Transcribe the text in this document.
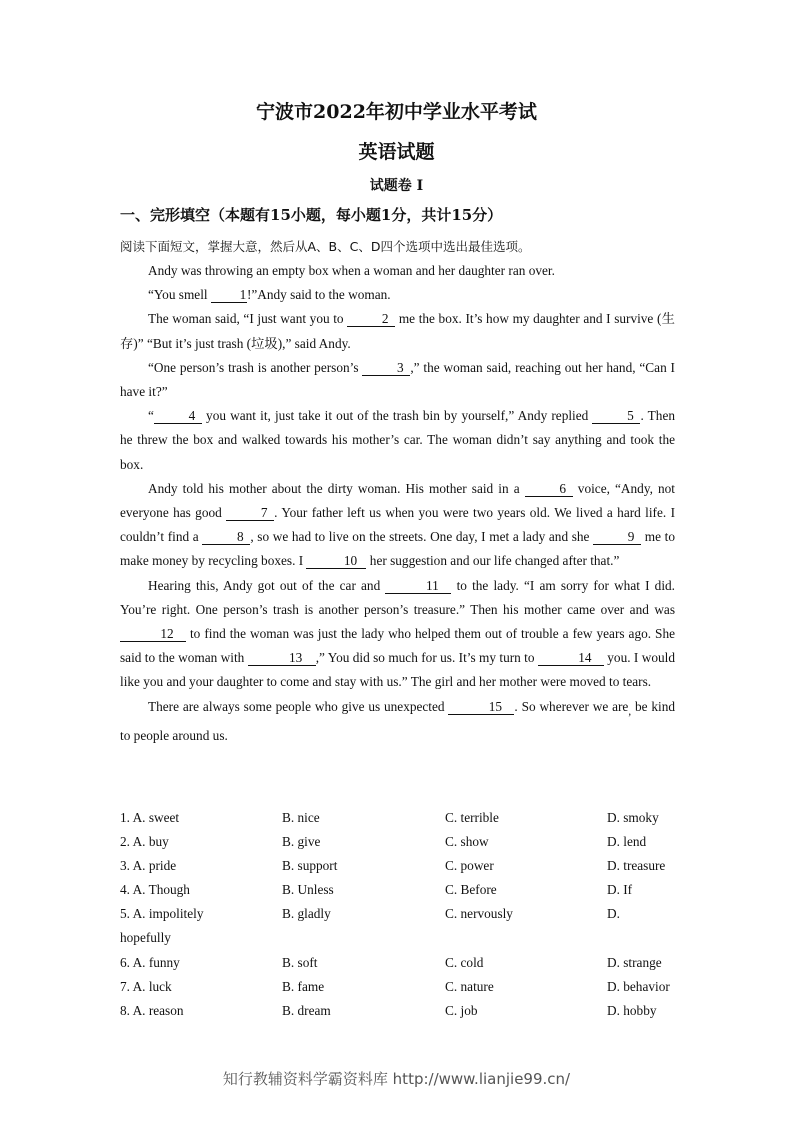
宁波市2022年初中学业水平考试
英语试题
试题卷 I
一、完形填空（本题有15小题，每小题1分，共计15分）
阅读下面短文，掌握大意，然后从A、B、C、D四个选项中选出最佳选项。

Andy was throwing an empty box when a woman and her daughter ran over.

“You smell 1!”Andy said to the woman.

The woman said, “I just want you to	2 me the box. It’s how my daughter and I survive (生存)” “But it’s just trash (垃圾),” said Andy.

“One person’s trash is another person’s	3 ,” the woman said, reaching out her hand, “Can I have it?”

“	4 you want it, just take it out of the trash bin by yourself,” Andy replied	5 . Then he threw the box and walked towards his mother’s car. The woman didn’t say anything and took the box.

Andy told his mother about the dirty woman. His mother said in a	6 voice, “Andy, not everyone has good	7 . Your father left us when you were two years old. We lived a hard life. I couldn’t find a	8 , so we had to live on the streets. One day, I met a lady and she	9 me to make money by recycling boxes. I	10 her suggestion and our life changed after that.”

Hearing this, Andy got out of the car and	11 to the lady. “I am sorry for what I did. You’re right. One person’s trash is another person’s treasure.” Then his mother came over and was 12 to find the woman was just the lady who helped them out of trouble a few years ago. She said to the woman with	13 ,” You did so much for us. It’s my turn to	14 you. I would like you and your daughter to come and stay with us.” The girl and her mother were moved to tears.

There are always some people who give us unexpected	15 . So wherever we are$_,$ be kind to people around us.

1. A. sweet	B. nice	C. terrible	D. smoky
2. A. buy	B. give	C. show	D. lend
3. A. pride	B. support	C. power	D. treasure
4. A. Though	B. Unless	C. Before	D. If
5. A. impolitely	B. gladly	C. nervously	D.
hopefully
6. A. funny	B. soft	C. cold	D. strange
7. A. luck	B. fame	C. nature	D. behavior
8. A. reason	B. dream	C. job	D. hobby
知行教辅资料学霸资料库 http://www.lianjie99.cn/
